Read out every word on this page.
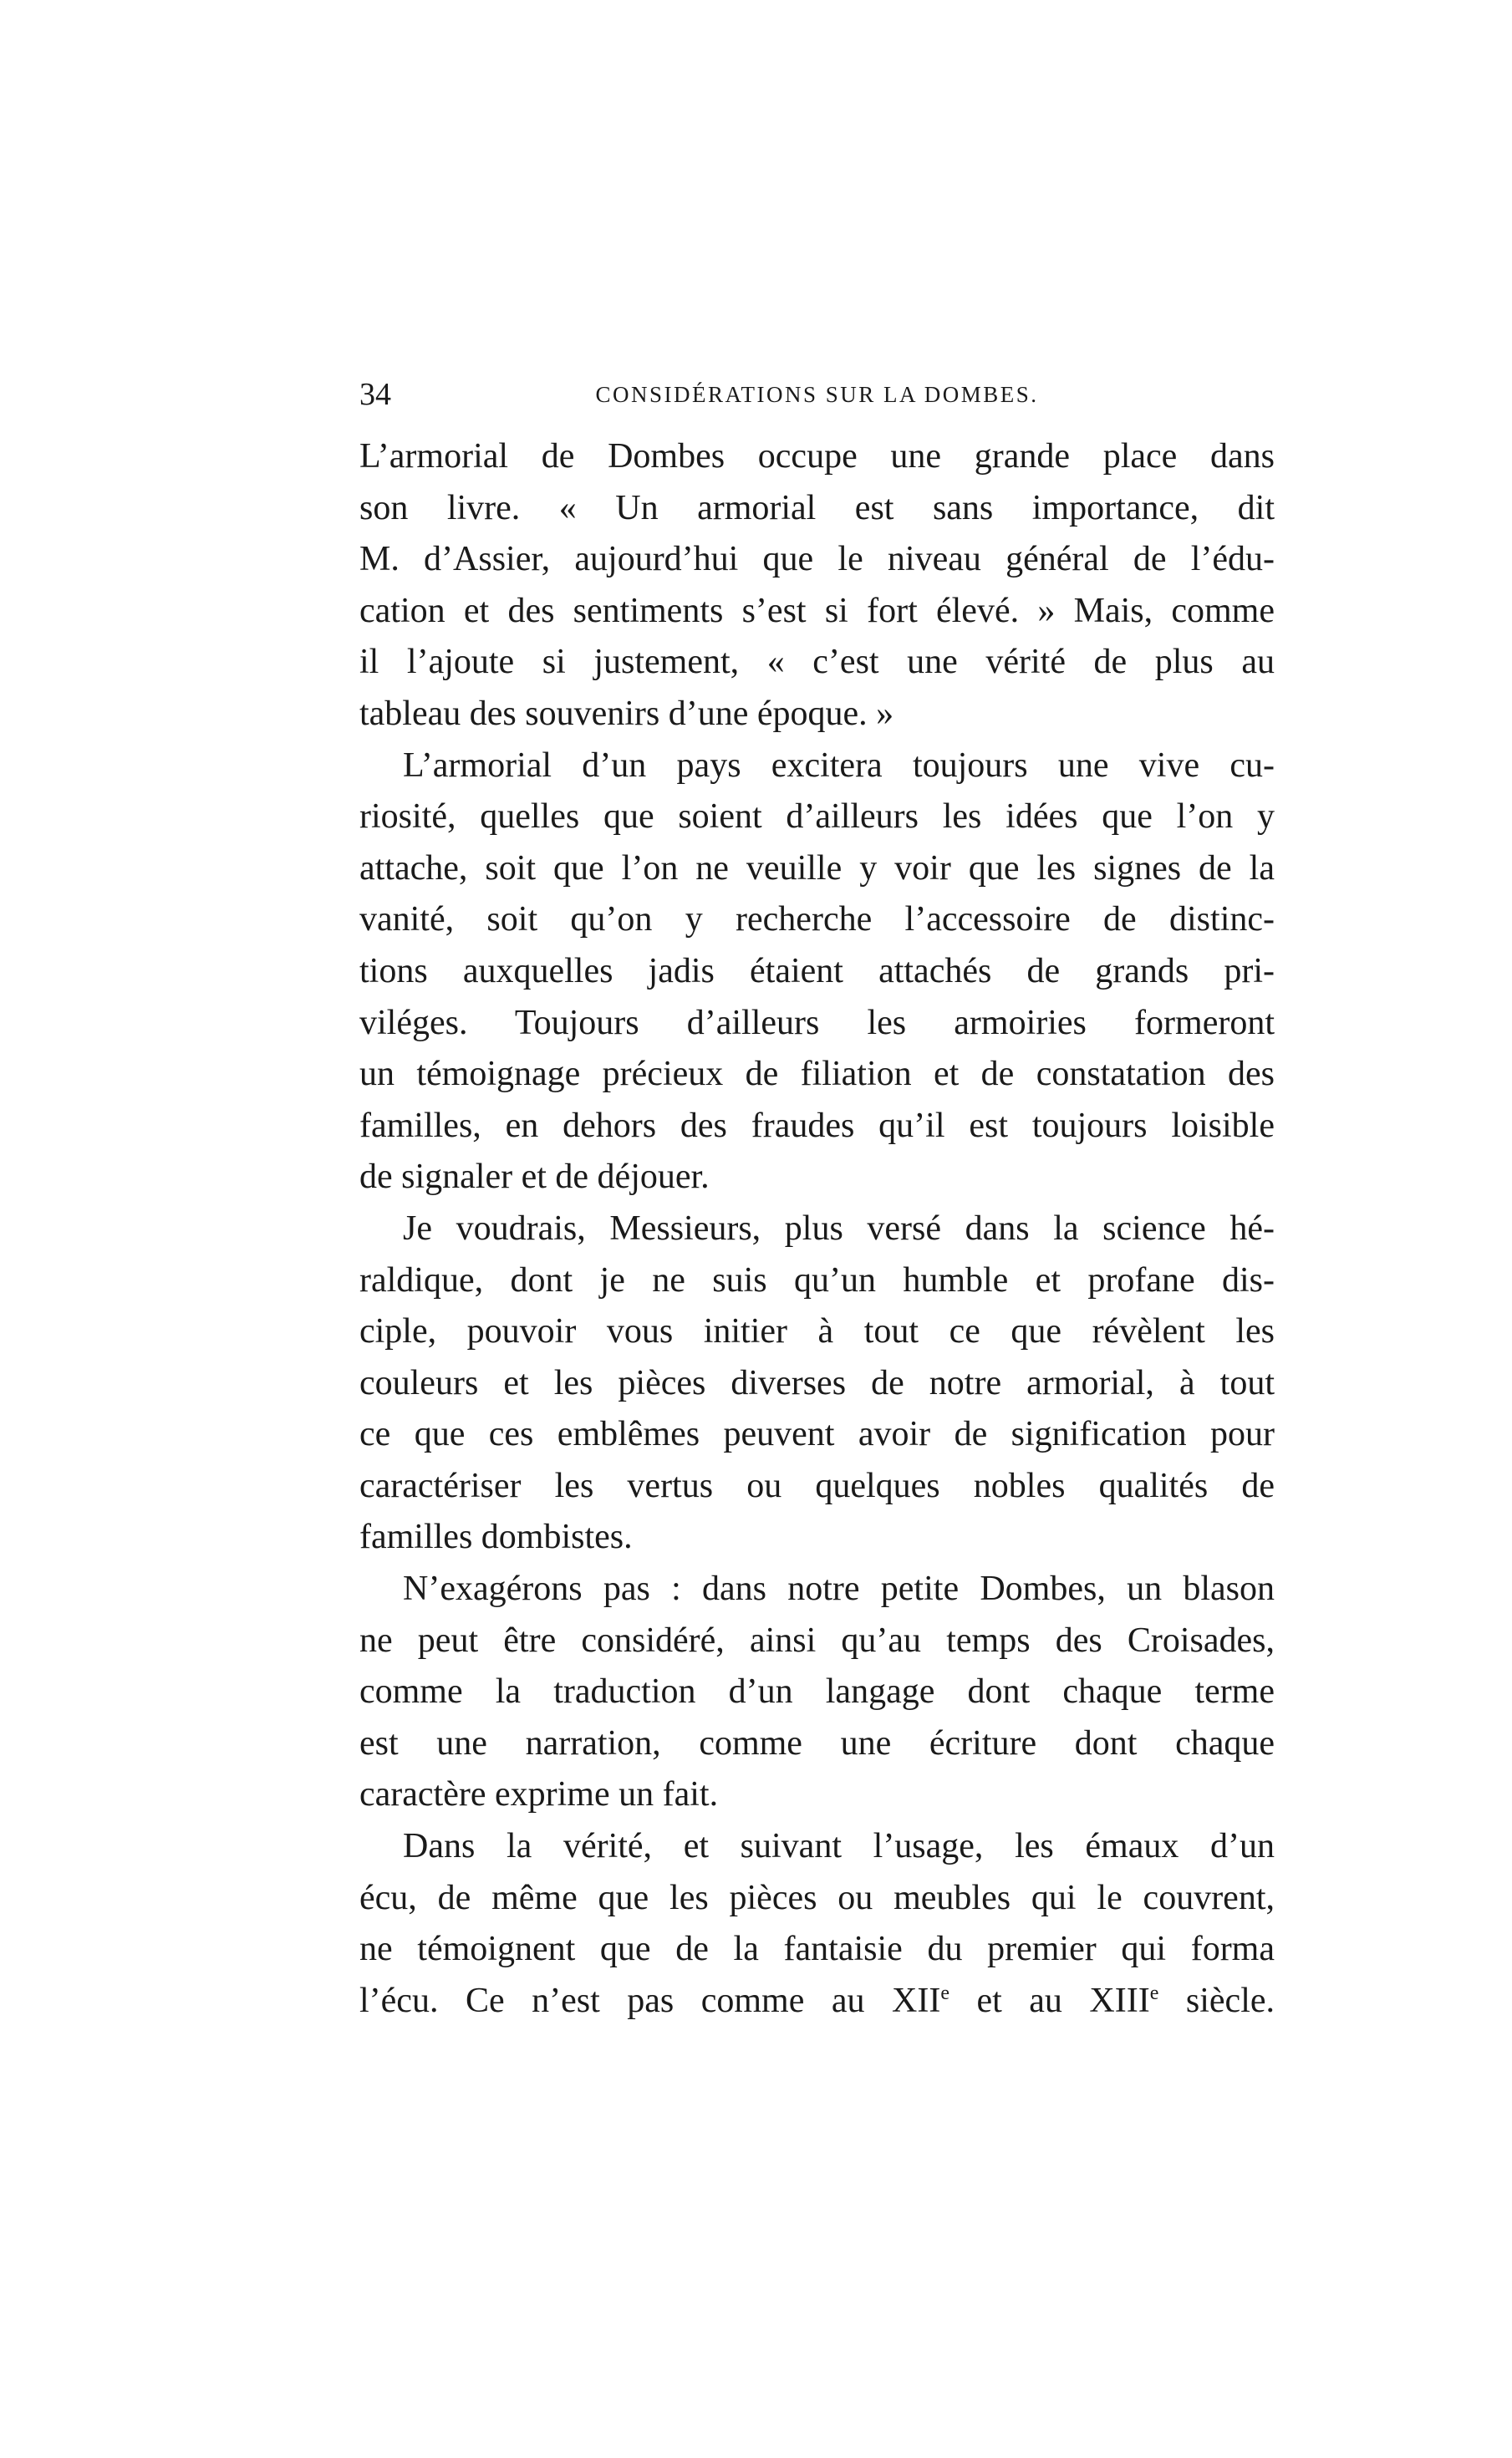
34	CONSIDÉRATIONS SUR LA DOMBES.
L’armorial de Dombes occupe une grande place dans
son livre. « Un armorial est sans importance, dit
M. d’Assier, aujourd’hui que le niveau général de l’édu-
cation et des sentiments s’est si fort élevé. » Mais, comme
il l’ajoute si justement, « c’est une vérité de plus au
tableau des souvenirs d’une époque. »
L’armorial d’un pays excitera toujours une vive cu-
riosité, quelles que soient d’ailleurs les idées que l’on y
attache, soit que l’on ne veuille y voir que les signes de la
vanité, soit qu’on y recherche l’accessoire de distinc-
tions auxquelles jadis étaient attachés de grands pri-
viléges. Toujours d’ailleurs les armoiries formeront
un témoignage précieux de filiation et de constatation des
familles, en dehors des fraudes qu’il est toujours loisible
de signaler et de déjouer.
Je voudrais, Messieurs, plus versé dans la science hé-
raldique, dont je ne suis qu’un humble et profane dis-
ciple, pouvoir vous initier à tout ce que révèlent les
couleurs et les pièces diverses de notre armorial, à tout
ce que ces emblêmes peuvent avoir de signification pour
caractériser les vertus ou quelques nobles qualités de
familles dombistes.
N’exagérons pas : dans notre petite Dombes, un blason
ne peut être considéré, ainsi qu’au temps des Croisades,
comme la traduction d’un langage dont chaque terme
est une narration, comme une écriture dont chaque
caractère exprime un fait.
Dans la vérité, et suivant l’usage, les émaux d’un
écu, de même que les pièces ou meubles qui le couvrent,
ne témoignent que de la fantaisie du premier qui forma
l’écu. Ce n’est pas comme au XIIe et au XIIIe siècle.
